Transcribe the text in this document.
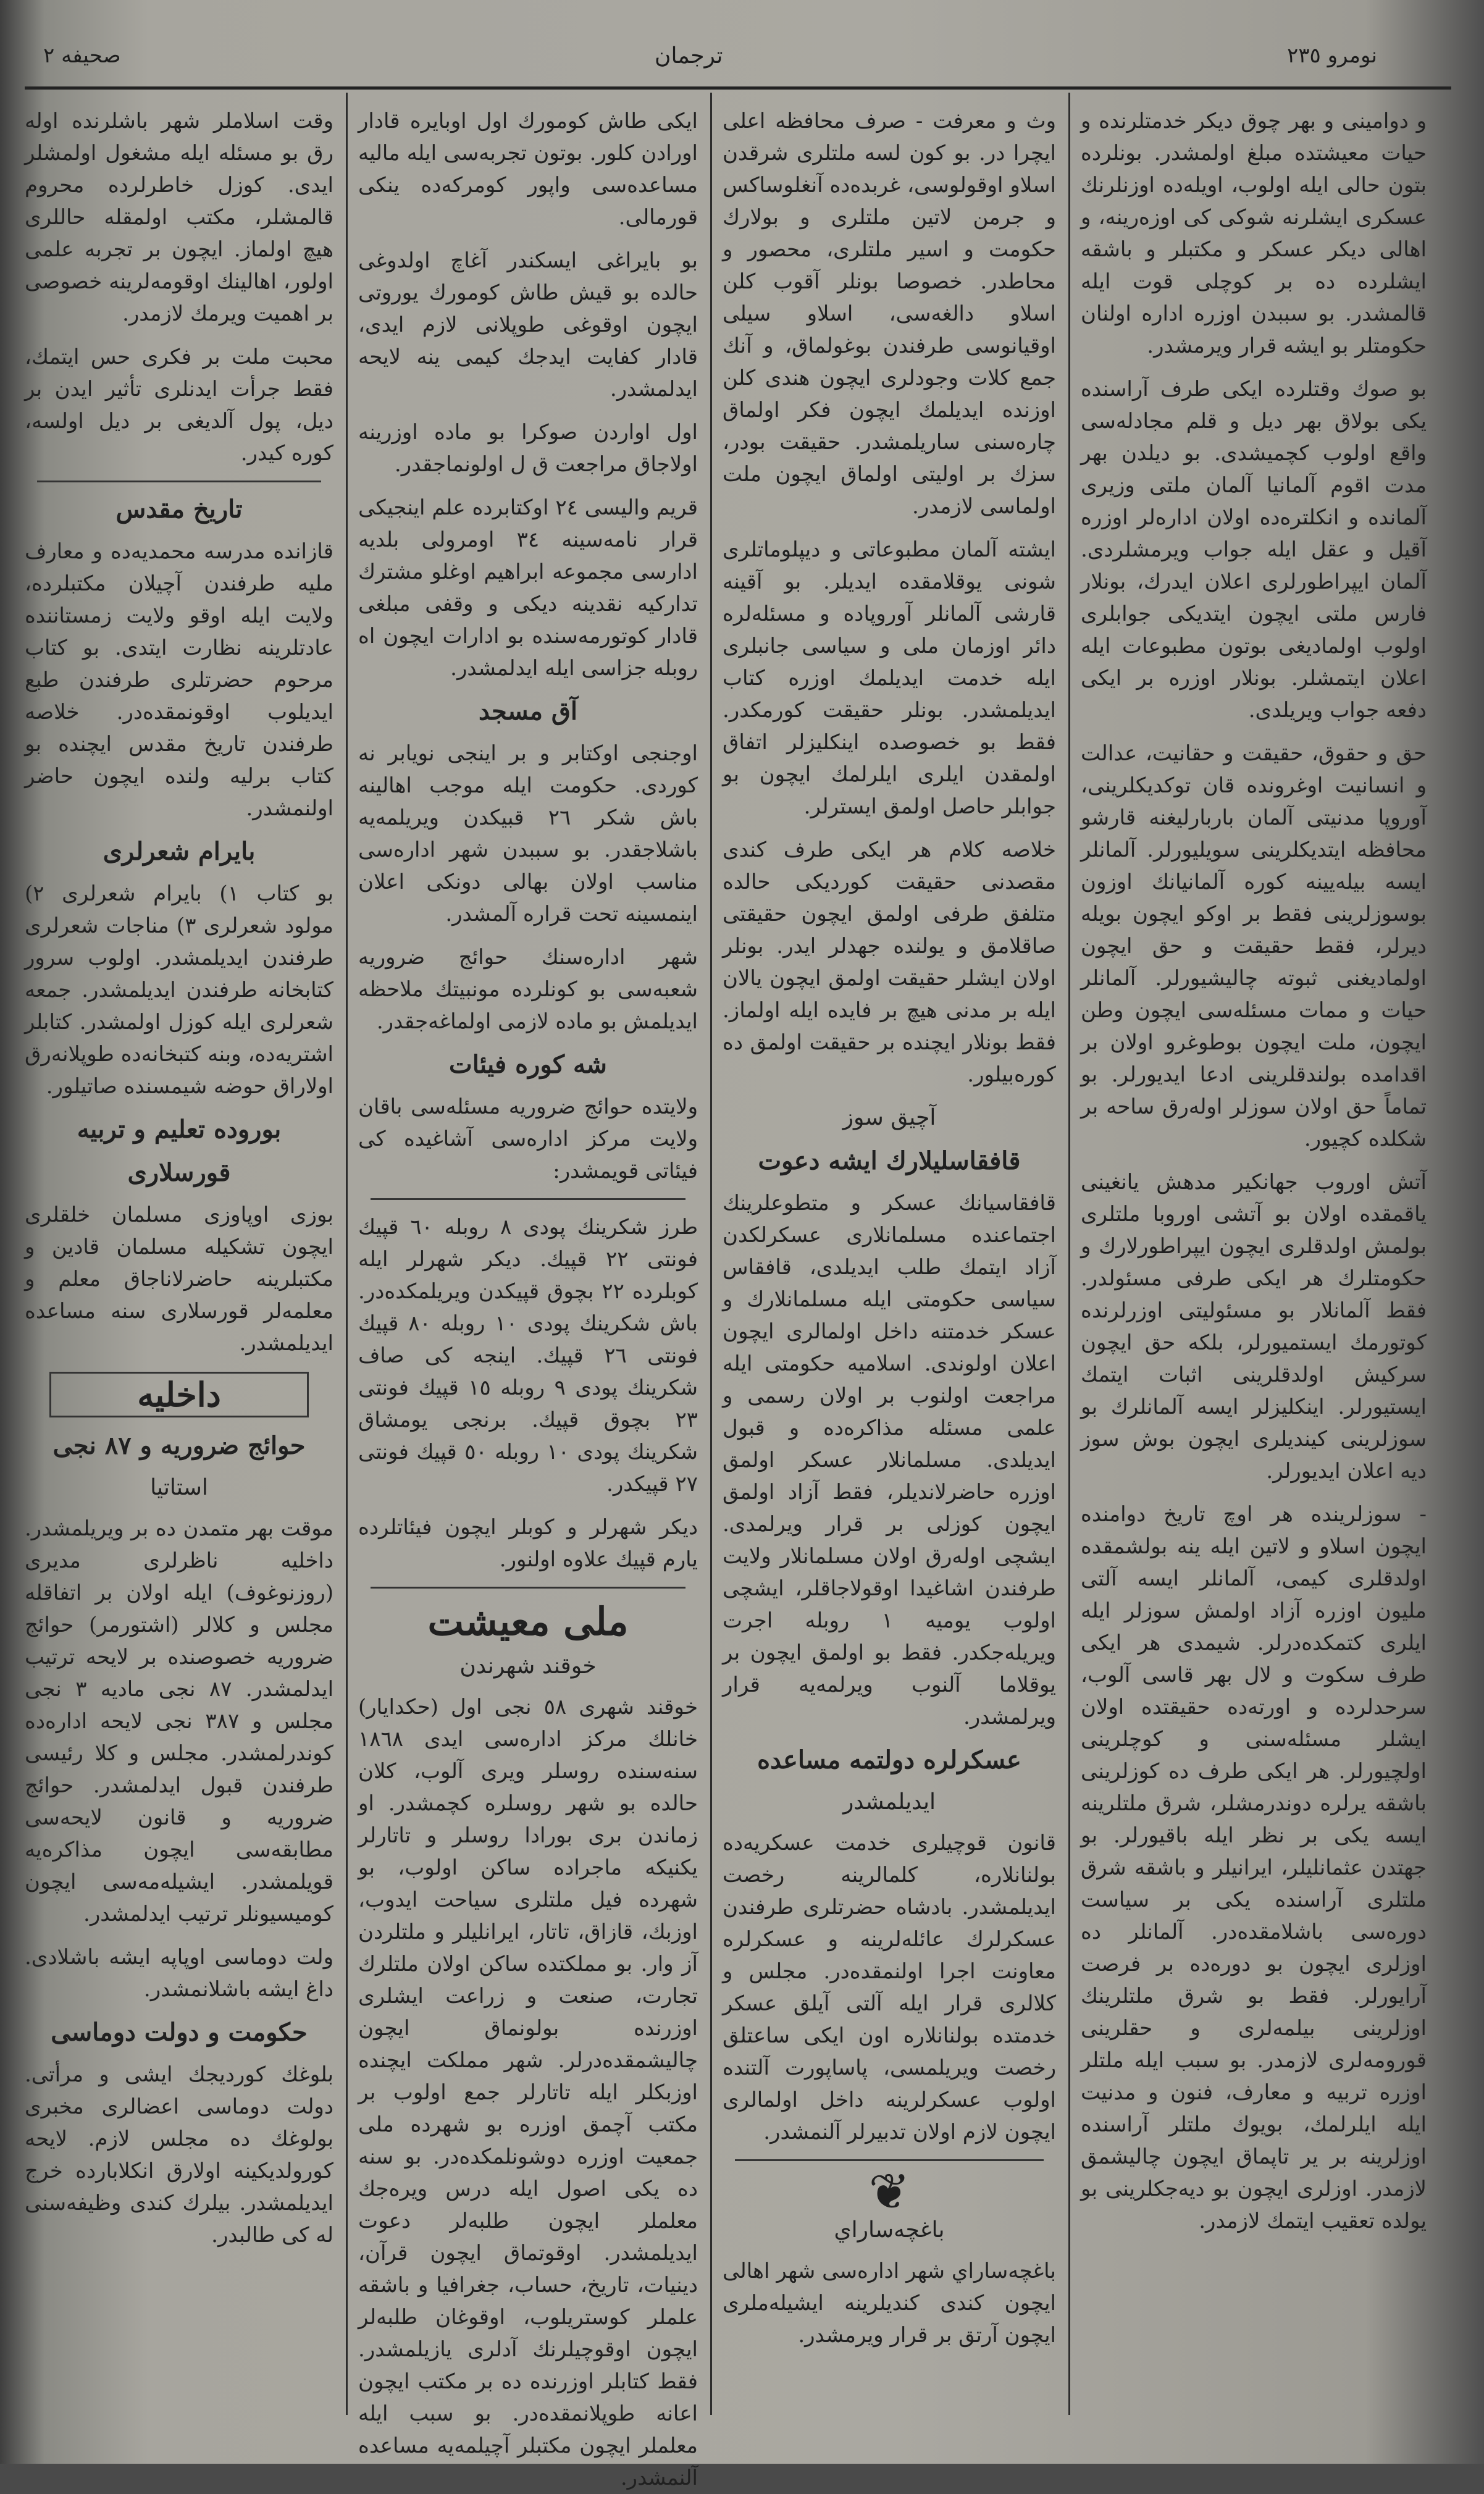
صحیفه ٢	ترجمان	نومرو ٢٣٥

وقت اسلاملر شهر باشلرنده اوله رق بو مسئله ایله مشغول اولمشلر ایدی. کوزل خاطرلرده محروم قالمشلر، مکتب اولمقله حاللری هیچ اولماز. ایچون بر تجربه علمی اولور، اهالینك اوقومه‌لرینه خصوصی بر اهمیت ویرمك لازمدر.

محبت ملت بر فکری حس ایتمك، فقط جرأت ایدنلری تأثیر ایدن بر دیل، پول آلدیغی بر دیل اولسه، کوره کیدر.

تاریخ مقدس

قازانده مدرسه محمدیه‌ده و معارف ملیه طرفندن آچیلان مکتبلرده، ولایت ایله اوقو ولایت زمستاننده عادتلرینه نظارت ایتدی. بو کتاب مرحوم حضرتلری طرفندن طبع ایدیلوب اوقونمقده‌در. خلاصه طرفندن تاریخ مقدس ایچنده بو کتاب برلیه ولنده ایچون حاضر اولنمشدر.

بایرام شعرلری

بو کتاب ١) بایرام شعرلری ٢) مولود شعرلری ٣) مناجات شعرلری طرفندن ایدیلمشدر. اولوب سرور کتابخانه طرفندن ایدیلمشدر. جمعه شعرلری ایله کوزل اولمشدر. کتابلر اشتریه‌ده، وبنه کتبخانه‌ده طوپلانه‌رق اولاراق حوضه شیمسنده صاتیلور.

بوروده تعلیم و تربیه
قورسلاری

بوزی اوپاوزی مسلمان خلقلری ایچون تشکیله مسلمان قادین و مکتبلرینه حاضرلاناجاق معلم و معلمه‌لر قورسلاری سنه مساعده ایدیلمشدر.

داخلیه
حوائج ضروریه و ٨٧ نجی
استاتیا

موقت بهر متمدن ده بر ویریلمشدر. داخلیه ناظرلری مدیری (روزنوغوف) ایله اولان بر اتفاقله مجلس و کلالر (اشتورمر) حوائج ضروریه خصوصنده بر لایحه ترتیب ایدلمشدر. ٨٧ نجی مادیه ٣ نجی مجلس و ٣٨٧ نجی لایحه اداره‌ده کوندرلمشدر. مجلس و کلا رئیسی طرفندن قبول ایدلمشدر. حوائج ضروریه و قانون لایحه‌سی مطابقه‌سی ایچون مذاکره‌یه قویلمشدر. ایشیله‌مه‌سی ایچون کومیسیونلر ترتیب ایدلمشدر.

ولت دوماسی اوپاپه ایشه باشلادی. داغ ایشه باشلانمشدر.

حکومت و دولت دوماسی

بلوغك کوردیجك ایشی و مرأتی. دولت دوماسی اعضالری مخبری بولوغك ده مجلس لازم. لایحه کورولدیکینه اولارق انکلابارده خرج ایدیلمشدر. بیلرك کندی وظیفه‌سنی له کی طالبدر.

ایکی طاش کومورك اول اوبایره قادار اورادن کلور. بوتون تجربه‌سی ایله مالیه مساعده‌سی واپور کومرکه‌ده ینکی قورمالی.

بو بایراغی ایسکندر آغاچ اولدوغی حالده بو قیش طاش کومورك یوروتی ایچون اوقوغی طوپلانی لازم ایدی، قادار کفایت ایدجك کیمی ینه لایحه ایدلمشدر.

اول اواردن صوکرا بو ماده اوزرینه اولاجاق مراجعت ق ل اولونماجقدر.

قریم والیسی ٢٤ اوکتابرده علم اینجیکی قرار نامه‌سینه ٣٤ اومرولی بلدیه ادارسی مجموعه ابراهیم اوغلو مشترك تدارکیه نقدینه دیکی و وقفی مبلغی قادار کوتورمه‌سنده بو ادارات ایچون اه روبله جزاسی ایله ایدلمشدر.

آق مسجد

اوجنجی اوکتابر و بر اینجی نویابر نه کوردی. حکومت ایله موجب اهالینه باش شکر ٢٦ قبیکدن ویریلمه‌یه باشلاجقدر. بو سببدن شهر اداره‌سی مناسب اولان بهالی دونکی اعلان اینمسینه تحت قراره آلمشدر.

شهر اداره‌سنك حوائج ضروریه شعبه‌سی بو کونلرده مونبیتك ملاحظه ایدیلمش بو ماده لازمی اولماغه‌جقدر.

شه کوره فیئات

ولایتده حوائج ضروریه مسئله‌سی باقان ولایت مرکز اداره‌سی آشاغیده کی فیئاتی قویمشدر:

طرز شکرینك پودی ٨ روبله ٦٠ قپیك فونتی ٢٢ قپیك. دیکر شهرلر ایله کوبلرده ٢٢ بچوق قپیکدن ویریلمکده‌در. باش شکرینك پودی ١٠ روبله ٨٠ قپیك فونتی ٢٦ قپیك. اینجه کی صاف شکرینك پودی ٩ روبله ١٥ قپیك فونتی ٢٣ بچوق قپیك. برنجی یومشاق شکرینك پودی ١٠ روبله ٥٠ قپیك فونتی ٢٧ قپیکدر.

دیکر شهرلر و کوبلر ایچون فیئاتلرده یارم قپیك علاوه اولنور.

ملی معیشت
خوقند شهرندن

خوقند شهری ٥٨ نجی اول (حکدایار) خانلك مرکز اداره‌سی ایدی ١٨٦٨ سنه‌سنده روسلر ویری آلوب، کلان حالده بو شهر روسلره کچمشدر. او زماندن بری بورادا روسلر و تاتارلر یکنیکه ماجراده ساکن اولوب، بو شهرده فیل ملتلری سیاحت ایدوب، اوزبك، قازاق، تاتار، ایرانلیلر و ملتلردن آز وار. بو مملکتده ساکن اولان ملتلرك تجارت، صنعت و زراعت ایشلری اوزرنده بولونماق ایچون چالیشمقده‌درلر. شهر مملکت ایچنده اوزبکلر ایله تاتارلر جمع اولوب بر مکتب آچمق اوزره بو شهرده ملی جمعیت اوزره دوشونلمکده‌در. بو سنه ده یکی اصول ایله درس ویره‌جك معلملر ایچون طلبه‌لر دعوت ایدیلمشدر. اوقوتماق ایچون قرآن، دینیات، تاریخ، حساب، جغرافیا و باشقه علملر کوستریلوب، اوقوغان طلبه‌لر ایچون اوقوچیلرنك آدلری یازیلمشدر. فقط کتابلر اوزرنده ده بر مکتب ایچون اعانه طوپلانمقده‌در. بو سبب ایله معلملر ایچون مکتبلر آچیلمه‌یه مساعده آلنمشدر.

وث و معرفت - صرف محافظه اعلی ایچرا در. بو کون لسه ملتلری شرقدن اسلاو اوقولوسی، غربده‌ده آنغلوساکس و جرمن لاتین ملتلری و بولارك حکومت و اسیر ملتلری، محصور و محاطدر. خصوصا بونلر آقوب کلن اسلاو دالغه‌سی، اسلاو سیلی اوقیانوسی طرفندن بوغولماق، و آنك جمع کلات وجودلری ایچون هندی کلن اوزنده ایدیلمك ایچون فکر اولماق چاره‌سنی ساریلمشدر. حقیقت بودر، سزك بر اولیتی اولماق ایچون ملت اولماسی لازمدر.

ایشته آلمان مطبوعاتی و دیپلوماتلری شونی یوقلامقده ایدیلر. بو آقینه قارشی آلمانلر آوروپاده و مسئله‌لره دائر اوزمان ملی و سیاسی جانبلری ایله خدمت ایدیلمك اوزره کتاب ایدیلمشدر. بونلر حقیقت کورمکدر. فقط بو خصوصده اینکلیزلر اتفاق اولمقدن ایلری ایلرلمك ایچون بو جوابلر حاصل اولمق ایسترلر.

خلاصه کلام هر ایکی طرف کندی مقصدنی حقیقت کوردیکی حالده متلفق طرفی اولمق ایچون حقیقتی صاقلامق و یولنده جهدلر ایدر. بونلر اولان ایشلر حقیقت اولمق ایچون یالان ایله بر مدنی هیچ بر فایده ایله اولماز. فقط بونلار ایچنده بر حقیقت اولمق ده کوره‌بیلور.

آچیق سوز
قافقاسلیلارك ایشه دعوت

قافقاسیانك عسکر و متطوعلرینك اجتماعنده مسلمانلاری عسکرلکدن آزاد ایتمك طلب ایدیلدی، قافقاس سیاسی حکومتی ایله مسلمانلارك و عسکر خدمتنه داخل اولمالری ایچون اعلان اولوندی. اسلامیه حکومتی ایله مراجعت اولنوب بر اولان رسمی و علمی مسئله مذاکره‌ده و قبول ایدیلدی. مسلمانلار عسکر اولمق اوزره حاضرلاندیلر، فقط آزاد اولمق ایچون کوزلی بر قرار ویرلمدی. ایشچی اوله‌رق اولان مسلمانلار ولایت طرفندن اشاغیدا اوقولاجاقلر، ایشچی اولوب یومیه ١ روبله اجرت ویریله‌جکدر. فقط بو اولمق ایچون بر یوقلاما آلنوب ویرلمه‌یه قرار ویرلمشدر.

عسکرلره دولتمه مساعده
ایدیلمشدر

قانون قوچیلری خدمت عسکریه‌ده بولنانلاره، کلمالرینه رخصت ایدیلمشدر. بادشاه حضرتلری طرفندن عسکرلرك عائله‌لرینه و عسکرلره معاونت اجرا اولنمقده‌در. مجلس و کلالری قرار ایله آلتی آیلق عسکر خدمتده بولنانلاره اون ایکی ساعتلق رخصت ویریلمسی، پاساپورت آلتنده اولوب عسکرلرینه داخل اولمالری ایچون لازم اولان تدبیرلر آلنمشدر.

❦
باغچه‌ساراي

باغچه‌ساراي شهر اداره‌سی شهر اهالی ایچون کندی کندیلرینه ایشیله‌ملری ایچون آرتق بر قرار ویرمشدر.

و دوامینی و بهر چوق دیکر خدمتلرنده و حیات معیشتده مبلغ اولمشدر. بونلرده بتون حالی ایله اولوب، اویله‌ده اوزنلرنك عسکری ایشلرنه شوکی کی اوزه‌رینه، و اهالی دیکر عسکر و مکتبلر و باشقه ایشلرده ده بر کوچلی قوت ایله قالمشدر. بو سببدن اوزره اداره اولنان حکومتلر بو ایشه قرار ویرمشدر.

بو صوك وقتلرده ایکی طرف آراسنده یکی بولاق بهر دیل و قلم مجادله‌سی واقع اولوب کچمیشدی. بو دیلدن بهر مدت اقوم آلمانیا آلمان ملتی وزیری آلمانده و انکلتره‌ده اولان اداره‌لر اوزره آقیل و عقل ایله جواب ویرمشلردی. آلمان ایپراطورلری اعلان ایدرك، بونلار فارس ملتی ایچون ایتدیکی جوابلری اولوب اولمادیغی بوتون مطبوعات ایله اعلان ایتمشلر. بونلار اوزره بر ایکی دفعه جواب ویریلدی.

حق و حقوق، حقیقت و حقانیت، عدالت و انسانیت اوغرونده قان توکدیکلرینی، آوروپا مدنیتی آلمان باربارلیغنه قارشو محافظه ایتدیکلرینی سویلیورلر. آلمانلر ایسه بیله‌یینه کوره آلمانیانك اوزون بوسوزلرینی فقط بر اوکو ایچون بویله دیرلر، فقط حقیقت و حق ایچون اولمادیغنی ثبوته چالیشیورلر. آلمانلر حیات و ممات مسئله‌سی ایچون وطن ایچون، ملت ایچون بوطوغرو اولان بر اقدامده بولندقلرینی ادعا ایدیورلر. بو تماماً حق اولان سوزلر اوله‌رق ساحه بر شکلده کچیور.

آتش اوروب جهانکیر مدهش یانغینی یاقمقده اولان بو آتشی اوروبا ملتلری بولمش اولدقلری ایچون ایپراطورلارك و حکومتلرك هر ایکی طرفی مسئولدر. فقط آلمانلار بو مسئولیتی اوزرلرنده کوتورمك ایستمیورلر، بلکه حق ایچون سرکیش اولدقلرینی اثبات ایتمك ایستیورلر. اینکلیزلر ایسه آلمانلرك بو سوزلرینی کیندیلری ایچون بوش سوز دیه اعلان ایدیورلر.

- سوزلرینده هر اوچ تاریخ دوامنده ایچون اسلاو و لاتین ایله ینه بولشمقده اولدقلری کیمی، آلمانلر ایسه آلتی ملیون اوزره آزاد اولمش سوزلر ایله ایلری کتمکده‌درلر. شیمدی هر ایکی طرف سکوت و لال بهر قاسی آلوب، سرحدلرده و اورته‌ده حقیقتده اولان ایشلر مسئله‌سنی و کوچلرینی اولچیورلر. هر ایکی طرف ده کوزلرینی باشقه یرلره دوندرمشلر، شرق ملتلرینه ایسه یکی بر نظر ایله باقیورلر. بو جهتدن عثمانلیلر، ایرانیلر و باشقه شرق ملتلری آراسنده یکی بر سیاست دوره‌سی باشلامقده‌در. آلمانلر ده اوزلری ایچون بو دوره‌ده بر فرصت آرایورلر. فقط بو شرق ملتلرینك اوزلرینی بیلمه‌لری و حقلرینی قورومه‌لری لازمدر. بو سبب ایله ملتلر اوزره تربیه و معارف، فنون و مدنیت ایله ایلرلمك، بویوك ملتلر آراسنده اوزلرینه بر یر تاپماق ایچون چالیشمق لازمدر. اوزلری ایچون بو دیه‌جکلرینی بو یولده تعقیب ایتمك لازمدر.
